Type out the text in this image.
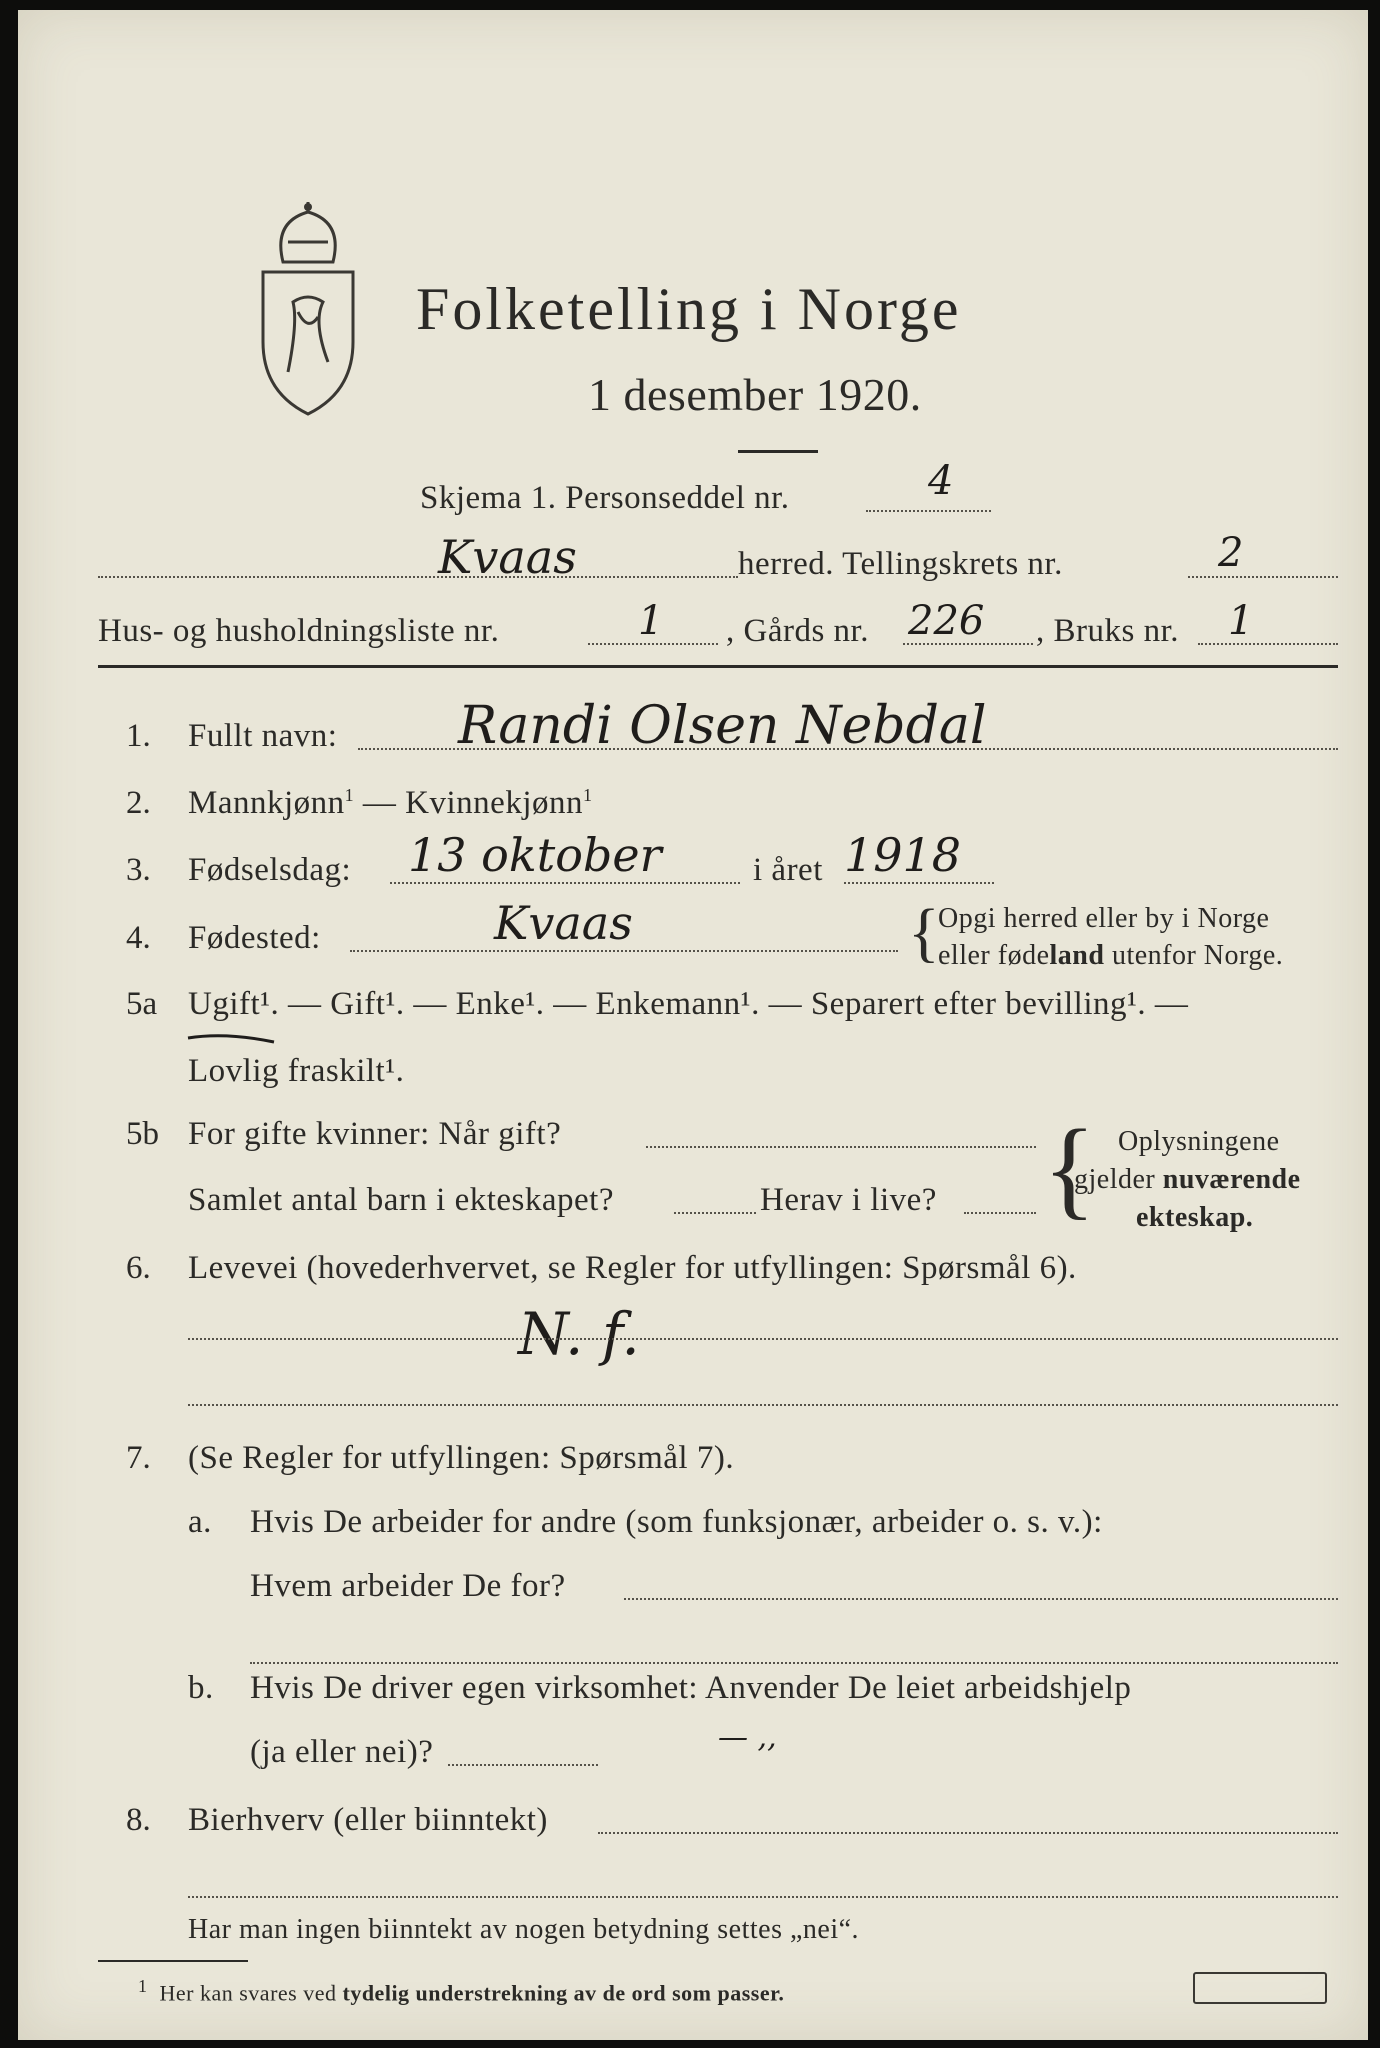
Folketelling i Norge
1 desember 1920.
Skjema 1. Personseddel nr.	4
Kvaas	herred. Tellingskrets nr.	2
Hus- og husholdningsliste nr.	1 , Gårds nr. 226 , Bruks nr. 1
1. Fullt navn: Randi Olsen Nebdal
2. Mannkjønn$^1$ — Kvinnekjønn$^1$
3. Fødselsdag: 13 oktober	i året 1918
4. Fødested:	Kvaas	{
Opgi herred eller by i Norge
eller fødeland utenfor Norge.
5a Ugift¹. — Gift¹. — Enke¹. — Enkemann¹. — Separert efter bevilling¹. —
Lovlig fraskilt¹.
5b For gifte kvinner: Når gift?
Samlet antal barn i ekteskapet?	Herav i live? { Oplysningene
gjelder nuværende
ekteskap.
6. Levevei (hovederhvervet, se Regler for utfyllingen: Spørsmål 6).
N. f.
7. (Se Regler for utfyllingen: Spørsmål 7).
a. Hvis De arbeider for andre (som funksjonær, arbeider o. s. v.):
Hvem arbeider De for?
b. Hvis De driver egen virksomhet: Anvender De leiet arbeidshjelp
(ja eller nei)?	— ,,
8. Bierhverv (eller biinntekt)
Har man ingen biinntekt av nogen betydning settes „nei“.
$^1$ Her kan svares ved tydelig understrekning av de ord som passer.
